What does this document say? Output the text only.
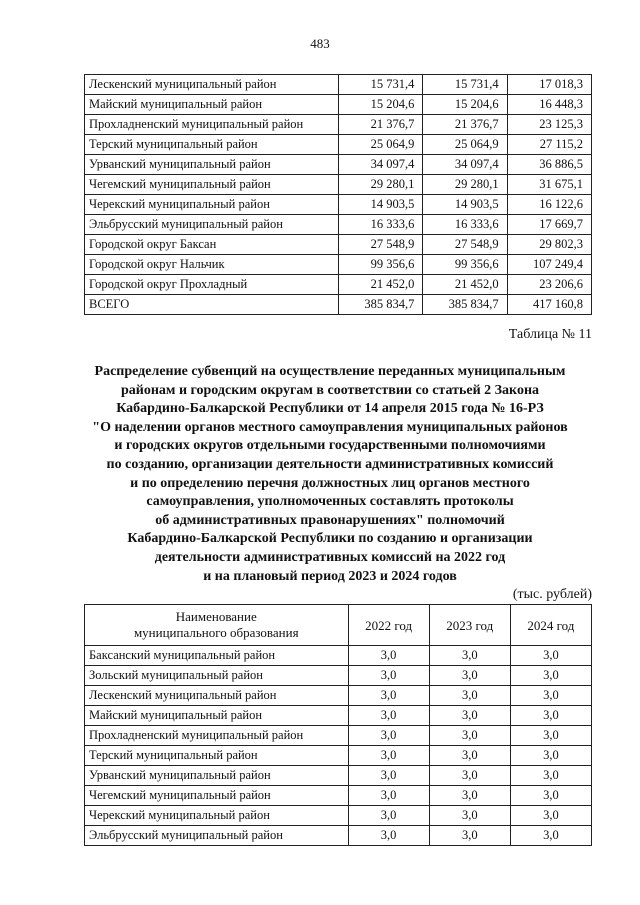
483
Лескенский муниципальный район	15 731,4	15 731,4	17 018,3
Майский муниципальный район	15 204,6	15 204,6	16 448,3
Прохладненский муниципальный район	21 376,7	21 376,7	23 125,3
Терский муниципальный район	25 064,9	25 064,9	27 115,2
Урванский муниципальный район	34 097,4	34 097,4	36 886,5
Чегемский муниципальный район	29 280,1	29 280,1	31 675,1
Черекский муниципальный район	14 903,5	14 903,5	16 122,6
Эльбрусский муниципальный район	16 333,6	16 333,6	17 669,7
Городской округ Баксан	27 548,9	27 548,9	29 802,3
Городской округ Нальчик	99 356,6	99 356,6	107 249,4
Городской округ Прохладный	21 452,0	21 452,0	23 206,6
ВСЕГО	385 834,7	385 834,7	417 160,8
Таблица № 11
Распределение субвенций на осуществление переданных муниципальным
районам и городским округам в соответствии со статьей 2 Закона
Кабардино-Балкарской Республики от 14 апреля 2015 года № 16-РЗ
"О наделении органов местного самоуправления муниципальных районов
и городских округов отдельными государственными полномочиями
по созданию, организации деятельности административных комиссий
и по определению перечня должностных лиц органов местного
самоуправления, уполномоченных составлять протоколы
об административных правонарушениях" полномочий
Кабардино-Балкарской Республики по созданию и организации
деятельности административных комиссий на 2022 год
и на плановый период 2023 и 2024 годов
(тыс. рублей)
Наименование
муниципального образования	2022 год	2023 год	2024 год
Баксанский муниципальный район	3,0	3,0	3,0
Зольский муниципальный район	3,0	3,0	3,0
Лескенский муниципальный район	3,0	3,0	3,0
Майский муниципальный район	3,0	3,0	3,0
Прохладненский муниципальный район	3,0	3,0	3,0
Терский муниципальный район	3,0	3,0	3,0
Урванский муниципальный район	3,0	3,0	3,0
Чегемский муниципальный район	3,0	3,0	3,0
Черекский муниципальный район	3,0	3,0	3,0
Эльбрусский муниципальный район	3,0	3,0	3,0
